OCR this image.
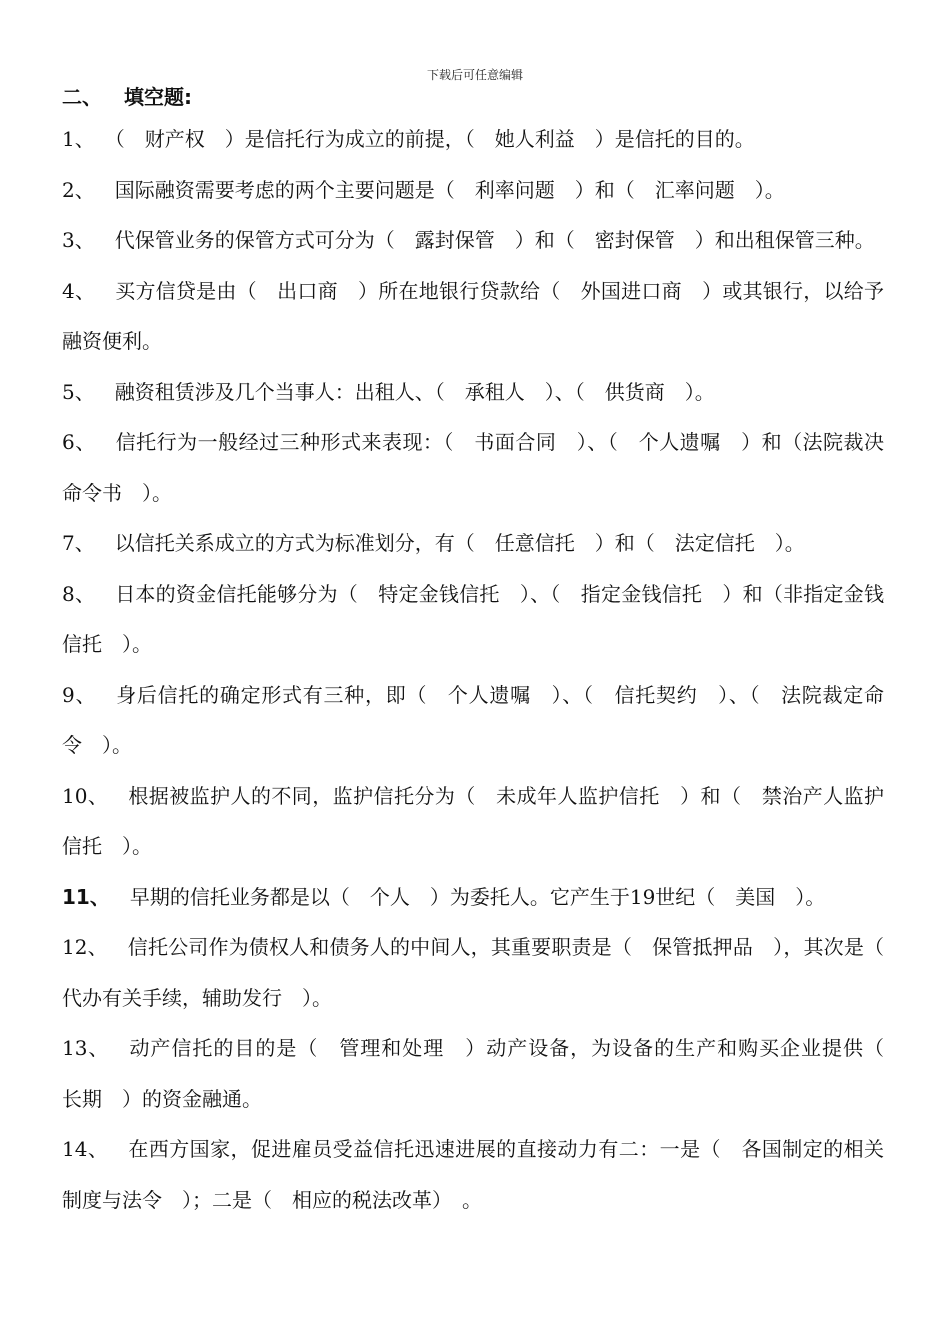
下载后可任意编辑
二、 填空题:

1、 （　财产权　）是信托行为成立的前提，（　她人利益　）是信托的目的。

2、 国际融资需要考虑的两个主要问题是（　利率问题　）和（　汇率问题　）。

3、 代保管业务的保管方式可分为（　露封保管　）和（　密封保管　）和出租保管三种。

4、 买方信贷是由（　出口商　）所在地银行贷款给（　外国进口商　）或其银行，以给予融资便利。

5、 融资租赁涉及几个当事人：出租人、（　承租人　）、（　供货商　）。

6、 信托行为一般经过三种形式来表现：（　书面合同　）、（　个人遗嘱　）和（法院裁决命令书　）。

7、 以信托关系成立的方式为标准划分，有（　任意信托　）和（　法定信托　）。

8、 日本的资金信托能够分为（　特定金钱信托　）、（　指定金钱信托　）和（非指定金钱信托　）。

9、 身后信托的确定形式有三种，即（　个人遗嘱　）、（　信托契约　）、（　法院裁定命令　）。

10、 根据被监护人的不同，监护信托分为（　未成年人监护信托　）和（　禁治产人监护信托　）。

11、 早期的信托业务都是以（　个人　）为委托人。它产生于19世纪（　美国　）。

12、 信托公司作为债权人和债务人的中间人，其重要职责是（　保管抵押品　），其次是（　代办有关手续，辅助发行　）。

13、 动产信托的目的是（　管理和处理　）动产设备，为设备的生产和购买企业提供（　长期　）的资金融通。

14、 在西方国家，促进雇员受益信托迅速进展的直接动力有二：一是（　各国制定的相关制度与法令　）；二是（　相应的税法改革）　。
